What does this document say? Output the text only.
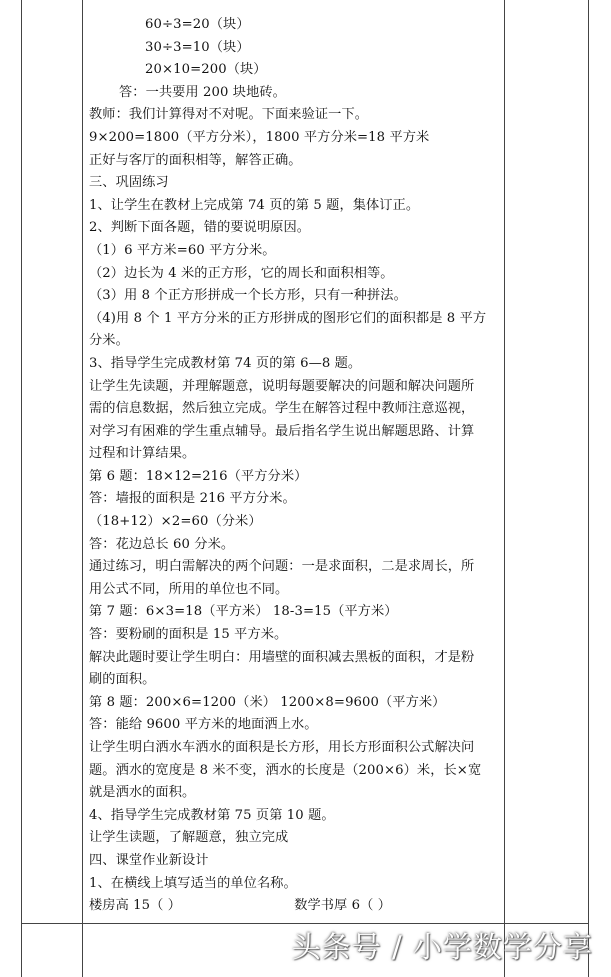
60÷3=20（块）
30÷3=10（块）
20×10=200（块）
答：一共要用 200 块地砖。
教师：我们计算得对不对呢。下面来验证一下。
9×200=1800（平方分米），1800 平方分米=18 平方米
正好与客厅的面积相等，解答正确。
三、巩固练习
1、让学生在教材上完成第 74 页的第 5 题，集体订正。
2、判断下面各题，错的要说明原因。
（1）6 平方米=60 平方分米。
（2）边长为 4 米的正方形，它的周长和面积相等。
（3）用 8 个正方形拼成一个长方形，只有一种拼法。
（4)用 8 个 1 平方分米的正方形拼成的图形它们的面积都是 8 平方
分米。
3、指导学生完成教材第 74 页的第 6—8 题。
让学生先读题，并理解题意，说明每题要解决的问题和解决问题所
需的信息数据，然后独立完成。学生在解答过程中教师注意巡视，
对学习有困难的学生重点辅导。最后指名学生说出解题思路、计算
过程和计算结果。
第 6 题：18×12=216（平方分米）
答：墙报的面积是 216 平方分米。
（18+12）×2=60（分米）
答：花边总长 60 分米。
通过练习，明白需解决的两个问题：一是求面积，二是求周长，所
用公式不同，所用的单位也不同。
第 7 题：6×3=18（平方米） 18-3=15（平方米）
答：要粉刷的面积是 15 平方米。
解决此题时要让学生明白：用墙壁的面积减去黑板的面积，才是粉
刷的面积。
第 8 题：200×6=1200（米） 1200×8=9600（平方米）
答：能给 9600 平方米的地面洒上水。
让学生明白洒水车洒水的面积是长方形，用长方形面积公式解决问
题。洒水的宽度是 8 米不变，洒水的长度是（200×6）米，长×宽
就是洒水的面积。
4、指导学生完成教材第 75 页第 10 题。
让学生读题，了解题意，独立完成
四、课堂作业新设计
1、在横线上填写适当的单位名称。
楼房高 15（ ）	数学书厚 6（ ）
头条号 / 小学数学分享
